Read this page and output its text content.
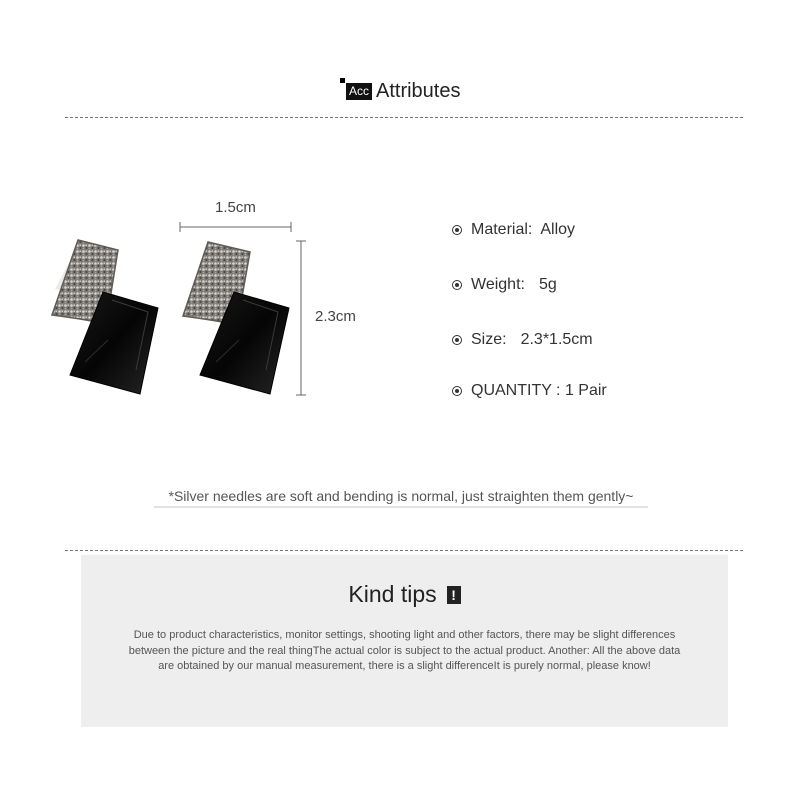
Acc Attributes
1.5cm
2.3cm
Material: Alloy
Weight: 5g
Size: 2.3*1.5cm
QUANTITY : 1 Pair
*Silver needles are soft and bending is normal, just straighten them gently~
Kind tips !
Due to product characteristics, monitor settings, shooting light and other factors, there may be slight differences between the picture and the real thingThe actual color is subject to the actual product. Another: All the above data are obtained by our manual measurement, there is a slight differenceIt is purely normal, please know!
